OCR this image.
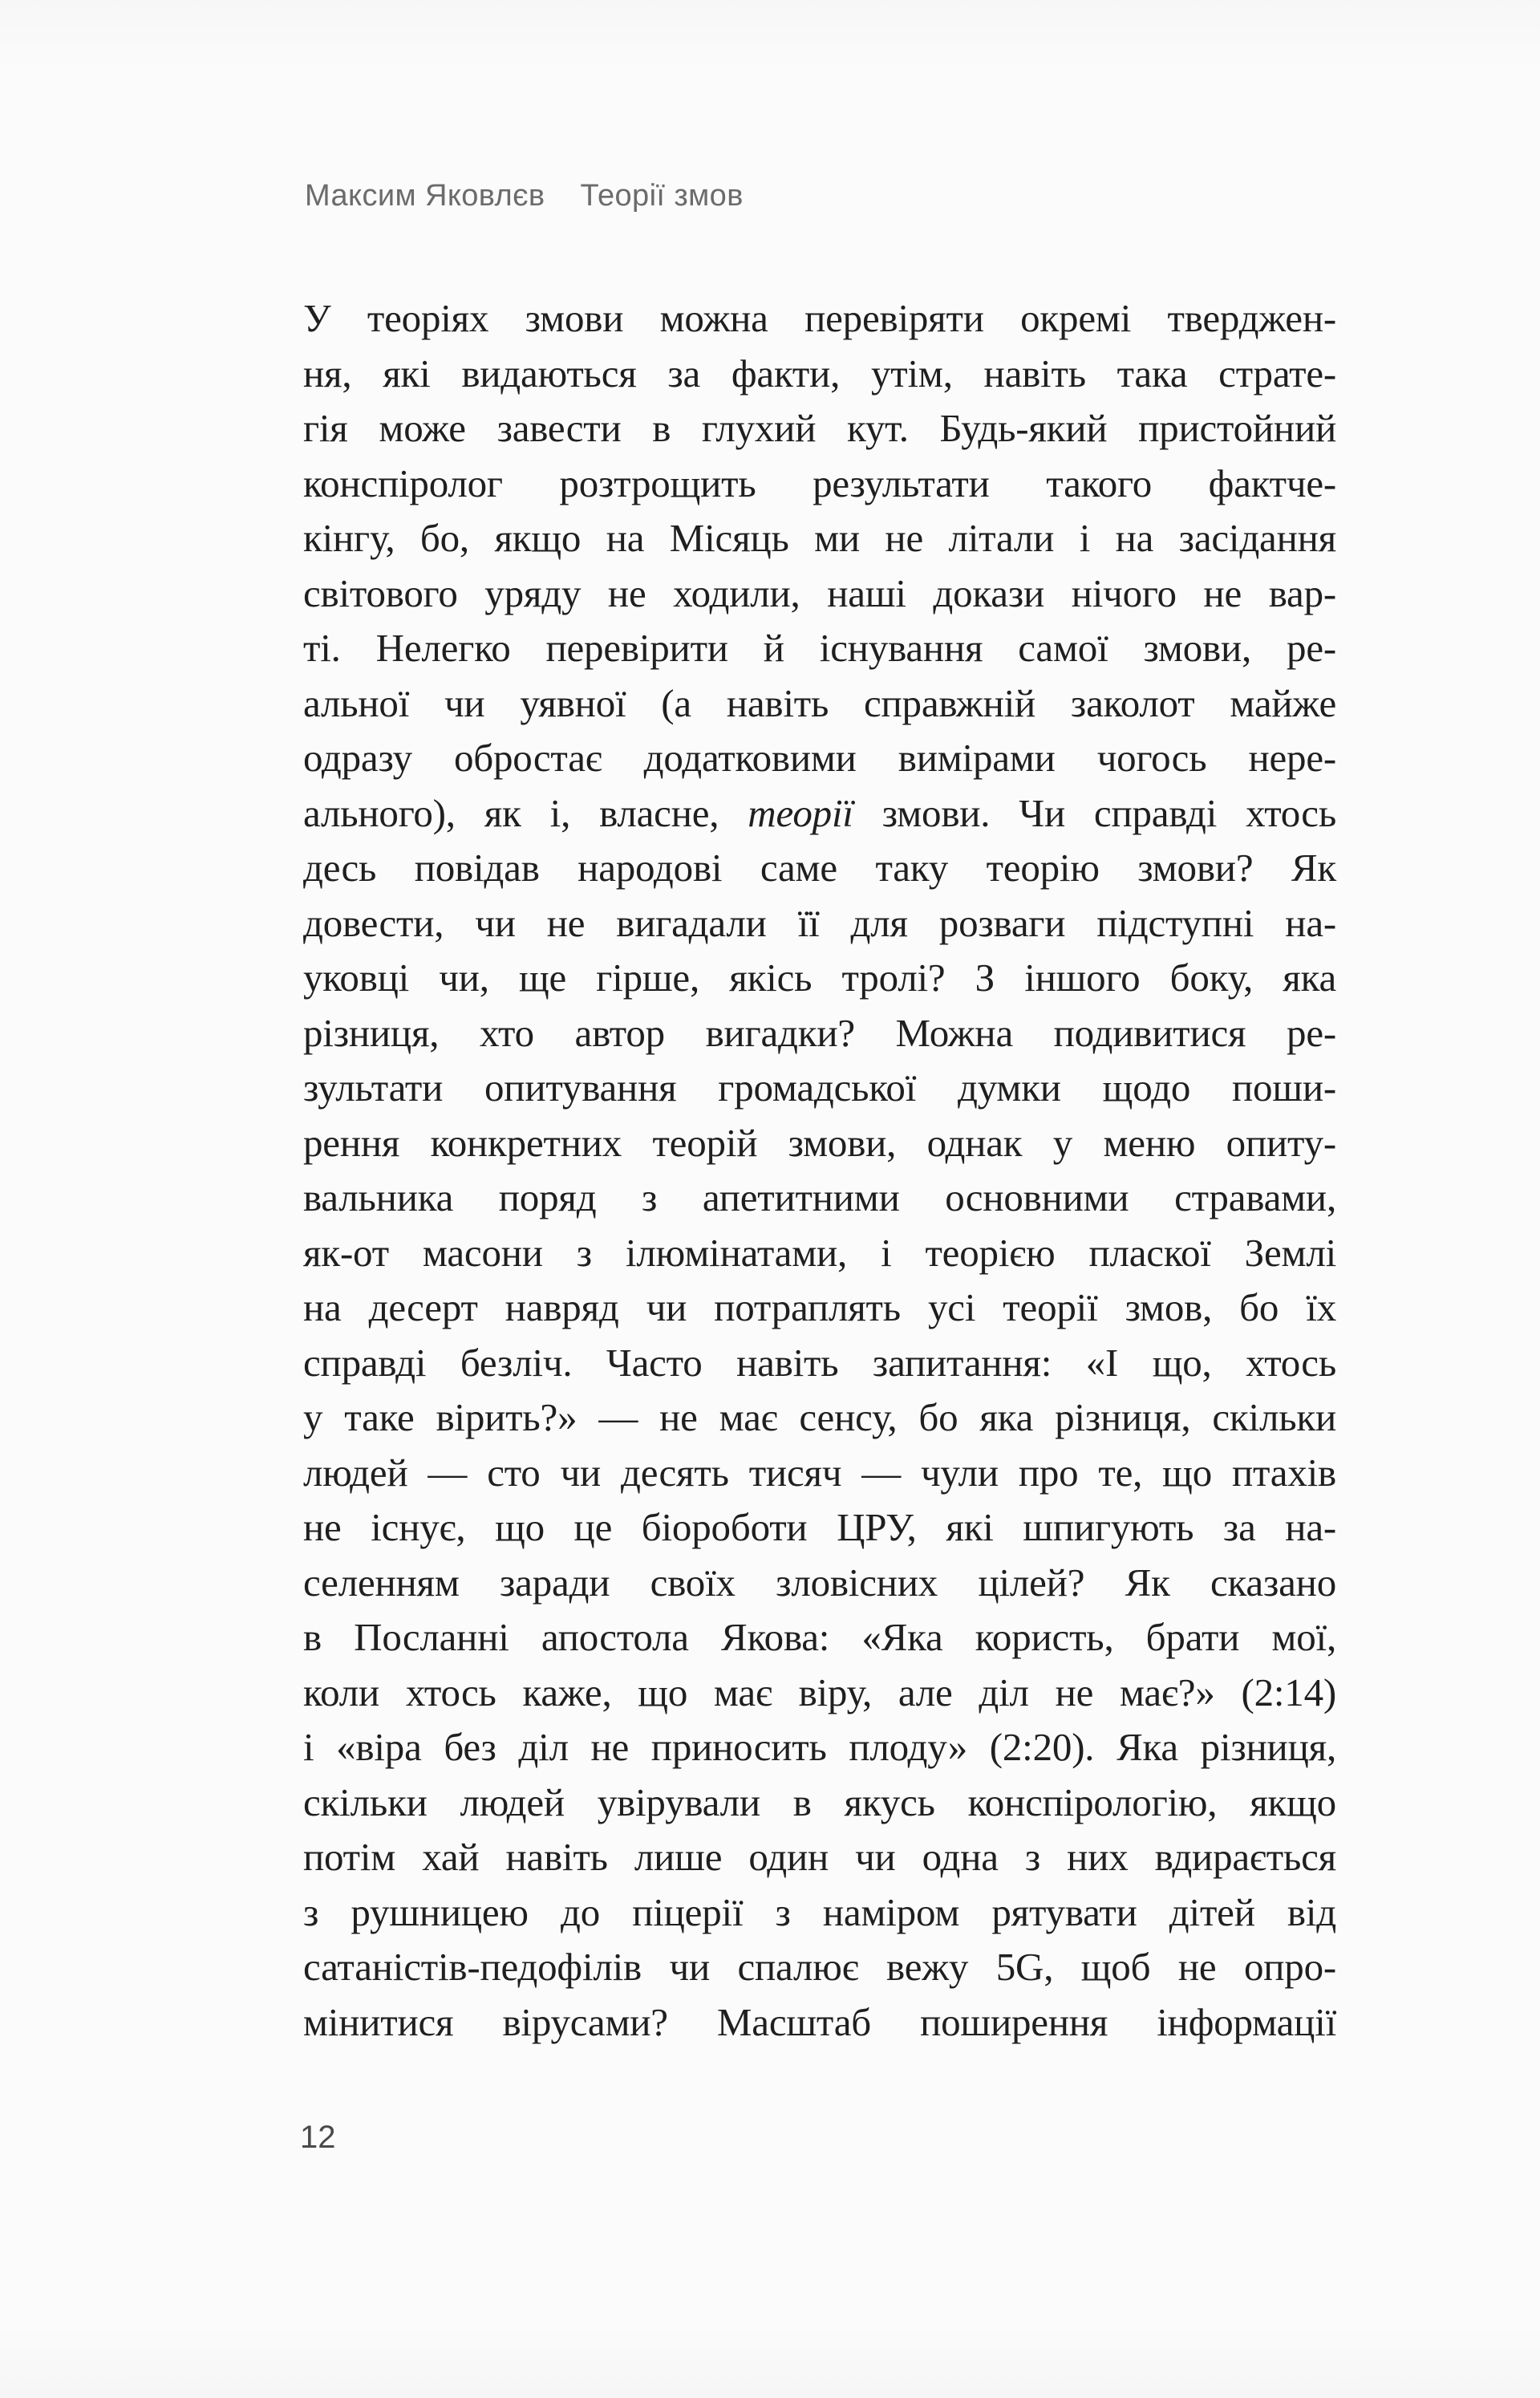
Максим Яковлєв Теорії змов
У теоріях змови можна перевіряти окремі тверджен-
ня, які видаються за факти, утім, навіть така страте-
гія може завести в глухий кут. Будь-який пристойний
конспіролог розтрощить результати такого фактче-
кінгу, бо, якщо на Місяць ми не літали і на засідання
світового уряду не ходили, наші докази нічого не вар-
ті. Нелегко перевірити й існування самої змови, ре-
альної чи уявної (а навіть справжній заколот майже
одразу обростає додатковими вимірами чогось нере-
ального), як і, власне, теорії змови. Чи справді хтось
десь повідав народові саме таку теорію змови? Як
довести, чи не вигадали її для розваги підступні на-
уковці чи, ще гірше, якісь тролі? З іншого боку, яка
різниця, хто автор вигадки? Можна подивитися ре-
зультати опитування громадської думки щодо поши-
рення конкретних теорій змови, однак у меню опиту-
вальника поряд з апетитними основними стравами,
як-от масони з ілюмінатами, і теорією пласкої Землі
на десерт навряд чи потраплять усі теорії змов, бо їх
справді безліч. Часто навіть запитання: «І що, хтось
у таке вірить?» — не має сенсу, бо яка різниця, скільки
людей — сто чи десять тисяч — чули про те, що птахів
не існує, що це біороботи ЦРУ, які шпигують за на-
селенням заради своїх зловісних цілей? Як сказано
в Посланні апостола Якова: «Яка користь, брати мої,
коли хтось каже, що має віру, але діл не має?» (2:14)
і «віра без діл не приносить плоду» (2:20). Яка різниця,
скільки людей увірували в якусь конспірологію, якщо
потім хай навіть лише один чи одна з них вдирається
з рушницею до піцерії з наміром рятувати дітей від
сатаністів-педофілів чи спалює вежу 5G, щоб не опро-
мінитися вірусами? Масштаб поширення інформації
12
